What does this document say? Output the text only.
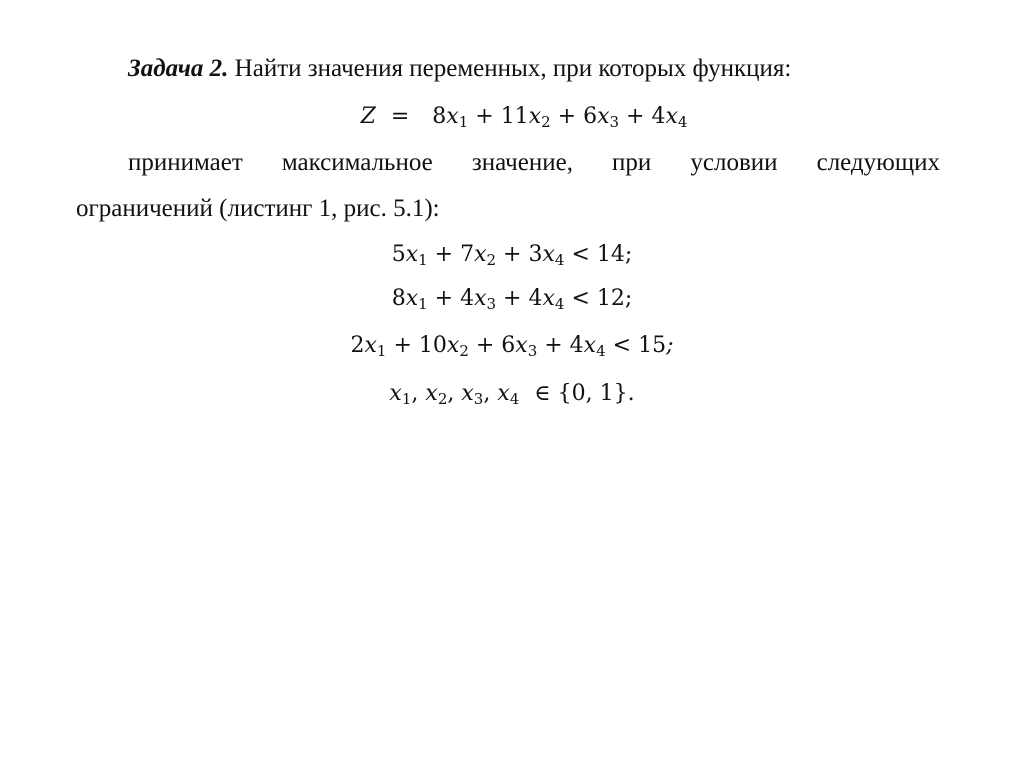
Задача 2. Найти значения переменных, при которых функция:
$Z = 8x_1 + 11x_2 + 6x_3 + 4x_4$
принимает максимальное значение, при условии следующих
ограничений (листинг 1, рис. 5.1):
$5x_1 + 7x_2 + 3x_4 < 14$;
$8x_1 + 4x_3 + 4x_4 < 12$;
$2x_1 + 10x_2 + 6x_3 + 4x_4 < 15$;
$x_1$, $x_2$, $x_3$, $x_4$ ∈ {0, 1}.
